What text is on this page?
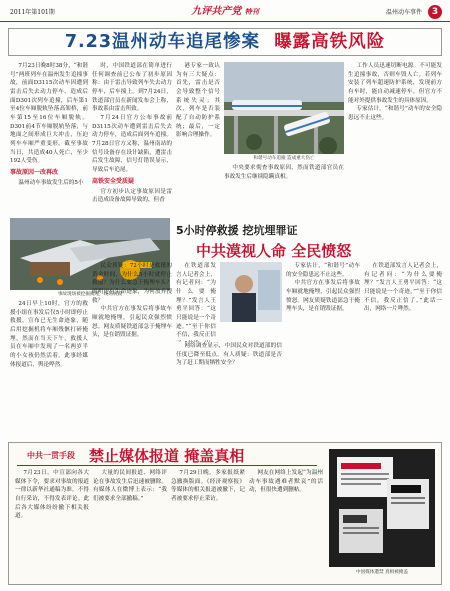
2011年第101期	九评共产党 特刊	温州动车事件	3
7.23温州动车追尾惨案 曝露高铁风险

7月23日晚8时38分，“和谐号”两班列车在温州发生追撞事故，前面D3115次动车因遭到雷击后失去动力停车，造成后面D301次列车追撞，后车第1至4位车厢脱轨坠落高架桥，前车第15至16位车厢脱轨。D301前4节车厢脱轨坠落，与地面之间形成巨大冲击，压迫列车车厢严重变形。截至事故当日，共造成40人死亡，至少192人受伤。

事故原因一改再改

温州动车事故发生后的5小

时，中国铁道部在简单进行任何调查前已公布了初步原因称：由于雷击导致列车失去动力停车，后车撞上。到7月24日，铁道部官员在新闻发布会上称，事故系由雷击所致。

7月24日官方公布事故前D3115次动车遭到雷击后失去动力停车，造成后面列车追撞。7月28日官方又称，温州南站的信号设备存在设计缺陷，遭雷击后发生故障，信号灯错误显示，导致后车追尾。

高铁安全受质疑

官方初步认定事故原因是雷击造成设备故障导致的，但香

港专家一致认为有三大疑点：首先，雷击是否会导致整个信号系统失灵；其次，列车是否装配了自动防护系统；最后，一定影响合理操作。

和谐号动车追撞 造成重大伤亡

工作人员迅速切断电源。不可能发生追撞事故，否则车毁人亡。若列车安装了列车超速防护系统，发现前方有车时，能自动减速停车。但官方不能对外提供事故发生的具体原因。

专家估计，“和谐号”动车的安全隐患远不止这些。

中央要求彻查事故原因，然而铁道部官员在事故发生后继续隐瞒真相。

事故现场被挖掘掩埋，现场被毁
5小时停救援 挖坑埋罪证
中共漠视人命 全民愤怒

24日早上10时，官方的救援小组在事发后仅5小时即停止救援，宣布已无生命迹象，随后用挖掘机将车厢残骸打碎掩埋。然而在当天下午，救援人员在车厢中发现了一名两岁半的小女孩仍然活着。此事经媒体报道后，舆论哗然。

民众质疑：72小时是救援的黄金时间，为什么5小时就停止救援？为什么要急于掩埋车头？明明还有生命迹象，为何放弃搜救？

中共官方在事发后将事故车厢就地掩埋，引起民众强烈愤怒。网友质疑铁道部急于掩埋车头，是在销毁证据。

在铁道部发言人记者会上，有记者问：“为什么要掩埋？”发言人王勇平回答：“这只能说是一个奇迹。”“至于你信不信，我反正信

网络调查显示，中国民众对铁道部的信任度已降至低点。有人质疑：铁道部是否为了赶工期而牺牲安全？

专家估计，“和谐号”动车的安全隐患远不止这些。

中共官方在事发后将事故车厢就地掩埋，引起民众强烈愤怒。网友质疑铁道部急于掩埋车头，是在销毁证据。

在铁道部发言人记者会上，有记者问：“为什么要掩埋？”发言人王勇平回答：“这只能说是一个奇迹。”“至于你信不信，我反正信了。”此话一出，网络一片哗然。

中共一贯手段 禁止媒体报道 掩盖真相

7月23日，中宣部向各大媒体下令，要求对事故的报道一律以新华社通稿为准，不得自行采访，不得发表评论。此后各大媒体纷纷撤下相关报道。

大量的民间报道、网络评论在事故发生后迅速被删除。有媒体人在微博上表示：“我们被要求全部撤稿。”

7月29日晚，多家报纸紧急撤换版面。《经济观察报》等媒体的相关报道被撤下，记者被要求停止采访。

网友在网络上发起“为温州动车事故遇难者默哀”的活动，但很快遭到删帖。

中国媒体遭禁 真相被掩盖
